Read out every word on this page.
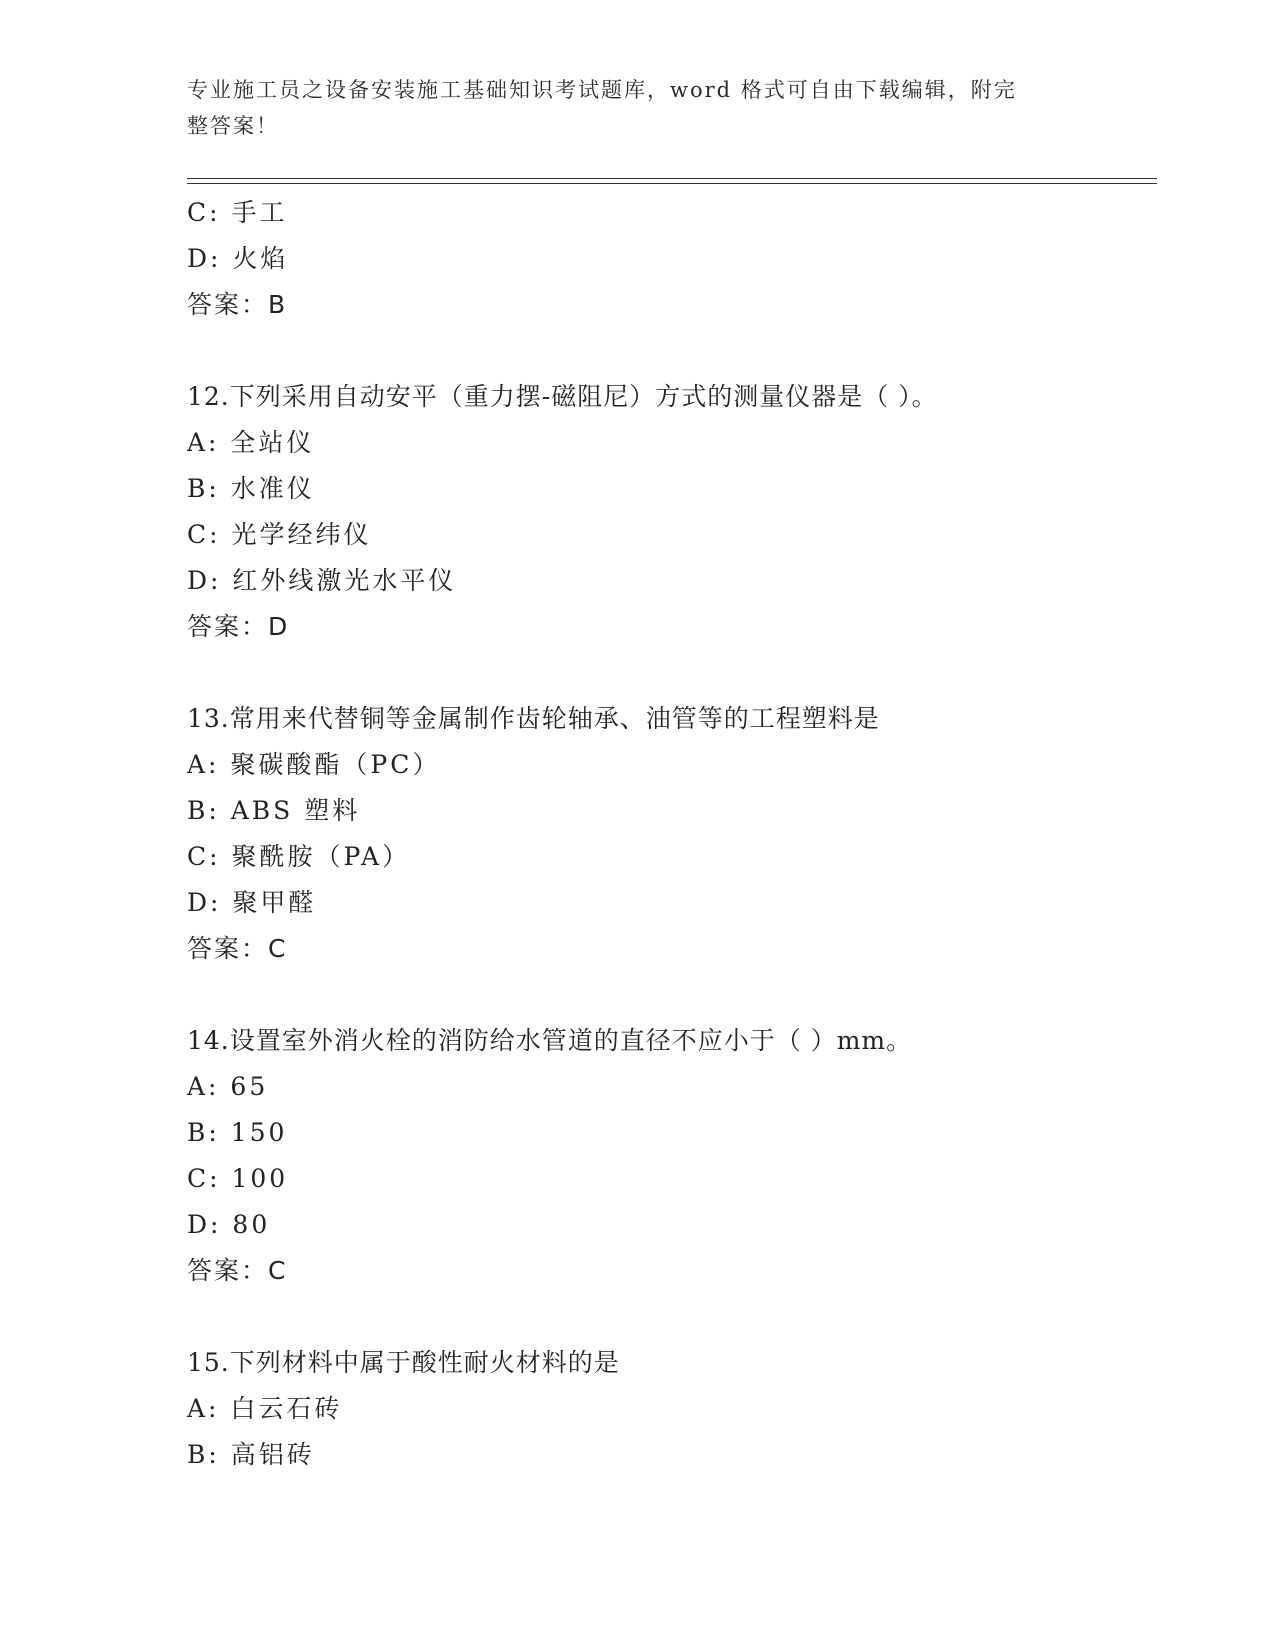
专业施工员之设备安装施工基础知识考试题库，word 格式可自由下载编辑，附完
整答案！
C: 手工
D: 火焰
答案：B
12.下列采用自动安平（重力摆-磁阻尼）方式的测量仪器是（ ）。
A: 全站仪
B: 水准仪
C: 光学经纬仪
D: 红外线激光水平仪
答案：D
13.常用来代替铜等金属制作齿轮轴承、油管等的工程塑料是
A: 聚碳酸酯（PC）
B: ABS 塑料
C: 聚酰胺（PA）
D: 聚甲醛
答案：C
14.设置室外消火栓的消防给水管道的直径不应小于（ ）mm。
A: 65
B: 150
C: 100
D: 80
答案：C
15.下列材料中属于酸性耐火材料的是
A: 白云石砖
B: 高铝砖
